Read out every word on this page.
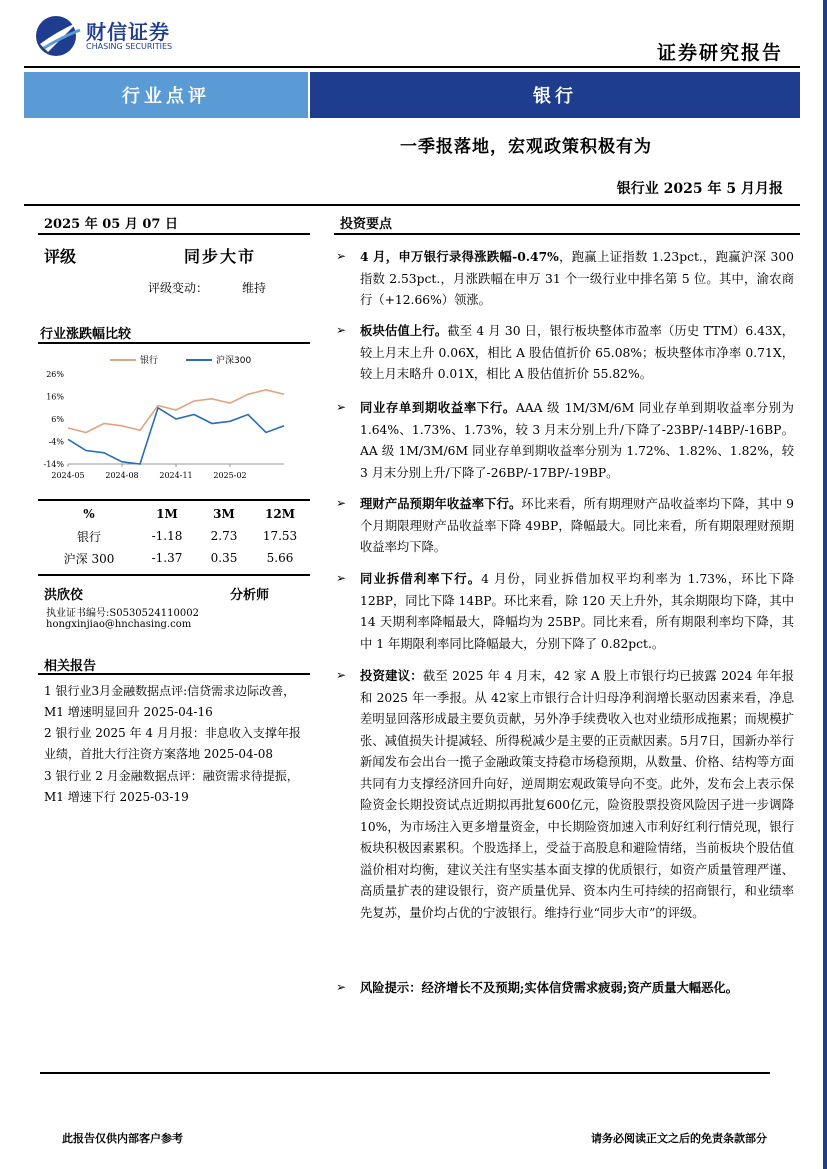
财信证券
CHASING SECURITIES	证券研究报告
行业点评	银行
一季报落地，宏观政策积极有为
银行业 2025 年 5 月月报
2025 年 05 月 07 日
评级	同步大市
评级变动：	维持
行业涨跌幅比较
银行	沪深300
26%
16%
6%
-4%
-14%
2024-05	2024-08	2024-11	2025-02
%	1M	3M	12M
银行	-1.18	2.73	17.53
沪深 300	-1.37	0.35	5.66
洪欣佼	分析师
执业证书编号:S0530524110002
hongxinjiao@hnchasing.com
相关报告
1 银行业3月金融数据点评:信贷需求边际改善，M1 增速明显回升 2025-04-16
2 银行业 2025 年 4 月月报：非息收入支撑年报业绩，首批大行注资方案落地 2025-04-08
3 银行业 2 月金融数据点评：融资需求待提振，M1 增速下行 2025-03-19
投资要点
➢ 4 月，申万银行录得涨跌幅-0.47%，跑赢上证指数 1.23pct.，跑赢沪深 300 指数 2.53pct.，月涨跌幅在申万 31 个一级行业中排名第 5 位。其中，渝农商行（+12.66%）领涨。
➢ 板块估值上行。截至 4 月 30 日，银行板块整体市盈率（历史 TTM）6.43X，较上月末上升 0.06X，相比 A 股估值折价 65.08%；板块整体市净率 0.71X，较上月末略升 0.01X，相比 A 股估值折价 55.82%。
➢ 同业存单到期收益率下行。AAA 级 1M/3M/6M 同业存单到期收益率分别为 1.64%、1.73%、1.73%，较 3 月末分别上升/下降了-23BP/-14BP/-16BP。AA 级 1M/3M/6M 同业存单到期收益率分别为 1.72%、1.82%、1.82%，较 3 月末分别上升/下降了-26BP/-17BP/-19BP。
➢ 理财产品预期年收益率下行。环比来看，所有期理财产品收益率均下降，其中 9 个月期限理财产品收益率下降 49BP，降幅最大。同比来看，所有期限理财预期收益率均下降。
➢ 同业拆借利率下行。4 月份，同业拆借加权平均利率为 1.73%，环比下降 12BP，同比下降 14BP。环比来看，除 120 天上升外，其余期限均下降，其中 14 天期利率降幅最大，降幅均为 25BP。同比来看，所有期限利率均下降，其中 1 年期限利率同比降幅最大，分别下降了 0.82pct.。
➢ 投资建议：截至 2025 年 4 月末，42 家 A 股上市银行均已披露 2024 年年报和 2025 年一季报。从 42家上市银行合计归母净利润增长驱动因素来看，净息差明显回落形成最主要负贡献，另外净手续费收入也对业绩形成拖累；而规模扩张、减值损失计提减轻、所得税减少是主要的正贡献因素。5月7日，国新办举行新闻发布会出台一揽子金融政策支持稳市场稳预期，从数量、价格、结构等方面共同有力支撑经济回升向好，逆周期宏观政策导向不变。此外，发布会上表示保险资金长期投资试点近期拟再批复600亿元，险资股票投资风险因子进一步调降 10%，为市场注入更多增量资金，中长期险资加速入市利好红利行情兑现，银行板块积极因素累积。个股选择上，受益于高股息和避险情绪，当前板块个股估值溢价相对均衡，建议关注有坚实基本面支撑的优质银行，如资产质量管理严谨、高质量扩表的建设银行，资产质量优异、资本内生可持续的招商银行，和业绩率先复苏，量价均占优的宁波银行。维持行业“同步大市”的评级。
➢ 风险提示：经济增长不及预期;实体信贷需求疲弱;资产质量大幅恶化。
此报告仅供内部客户参考	请务必阅读正文之后的免责条款部分
